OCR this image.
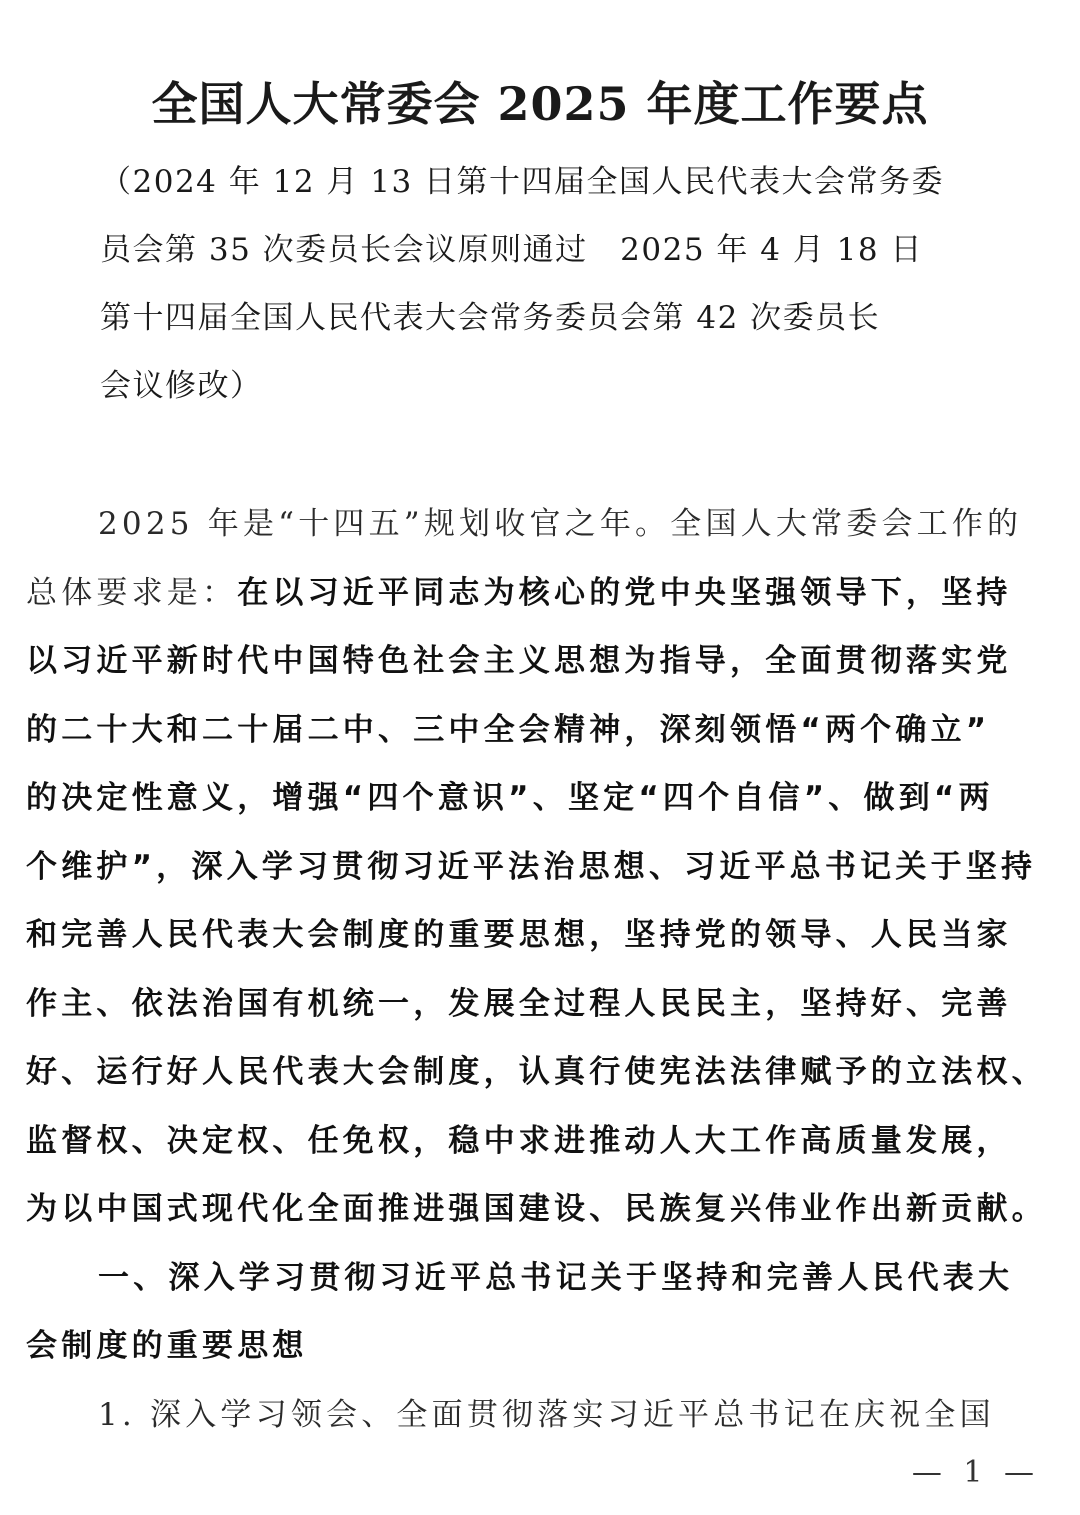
全国人大常委会 2025 年度工作要点
（2024 年 12 月 13 日第十四届全国人民代表大会常务委
员会第 35 次委员长会议原则通过　2025 年 4 月 18 日
第十四届全国人民代表大会常务委员会第 42 次委员长
会议修改）
2025 年是“十四五”规划收官之年。全国人大常委会工作的
总体要求是：在以习近平同志为核心的党中央坚强领导下，坚持
以习近平新时代中国特色社会主义思想为指导，全面贯彻落实党
的二十大和二十届二中、三中全会精神，深刻领悟“两个确立”
的决定性意义，增强“四个意识”、坚定“四个自信”、做到“两
个维护”，深入学习贯彻习近平法治思想、习近平总书记关于坚持
和完善人民代表大会制度的重要思想，坚持党的领导、人民当家
作主、依法治国有机统一，发展全过程人民民主，坚持好、完善
好、运行好人民代表大会制度，认真行使宪法法律赋予的立法权、
监督权、决定权、任免权，稳中求进推动人大工作高质量发展，
为以中国式现代化全面推进强国建设、民族复兴伟业作出新贡献。
一、深入学习贯彻习近平总书记关于坚持和完善人民代表大
会制度的重要思想
1. 深入学习领会、全面贯彻落实习近平总书记在庆祝全国
— 1 —
